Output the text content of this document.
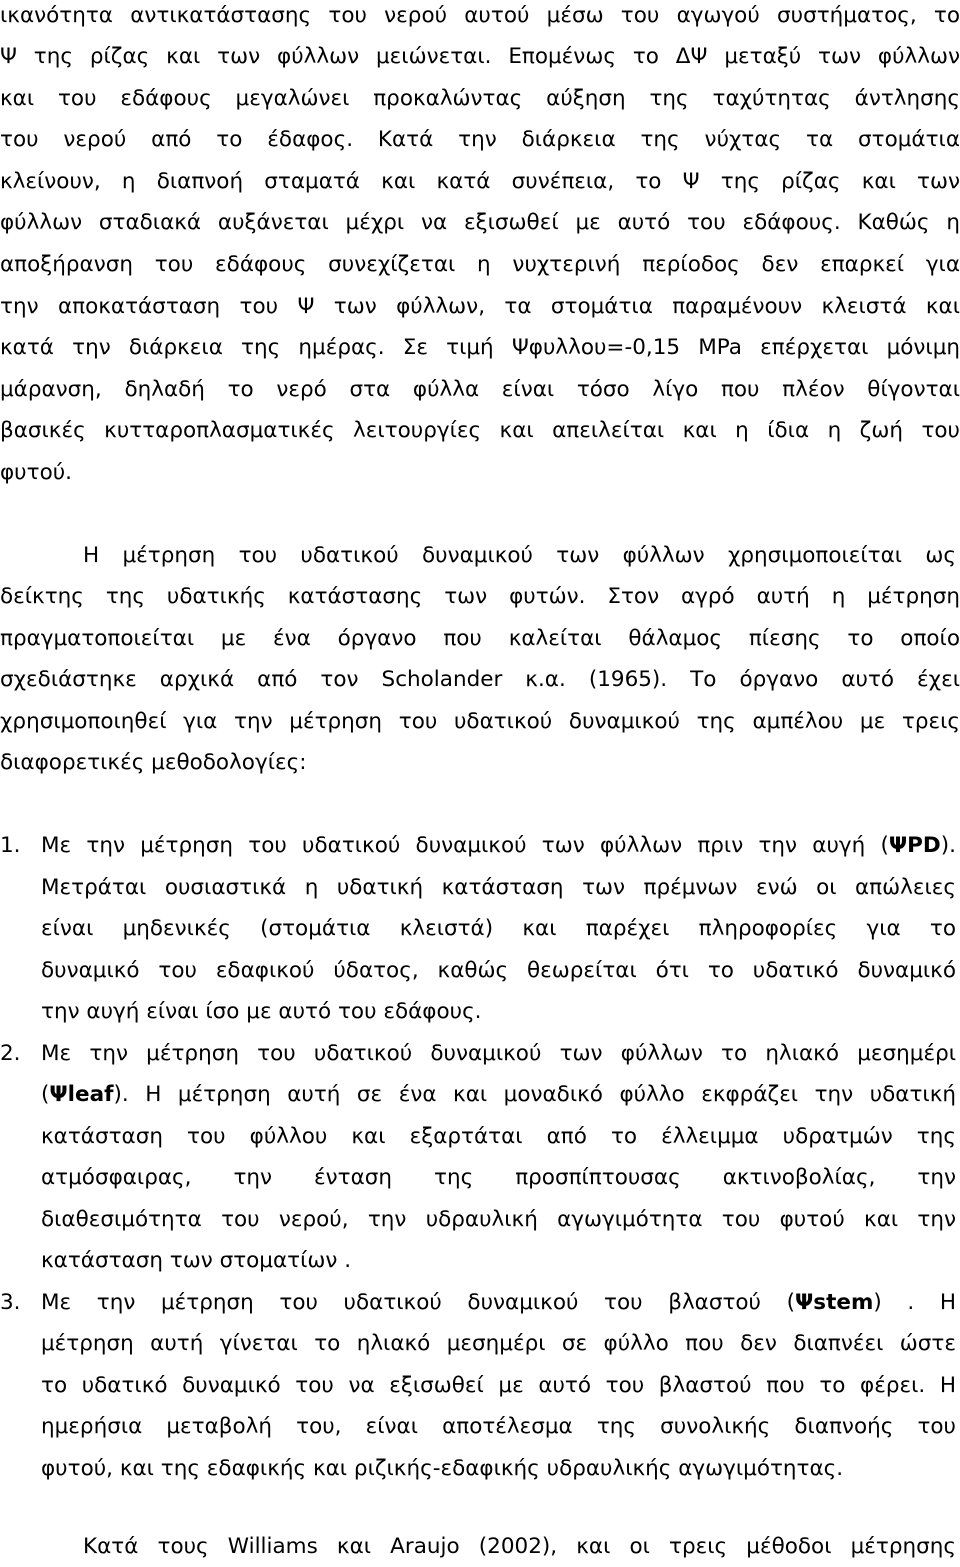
ικανότητα αντικατάστασης του νερού αυτού μέσω του αγωγού συστήματος, το
Ψ της ρίζας και των φύλλων μειώνεται. Επομένως το ΔΨ μεταξύ των φύλλων
και του εδάφους μεγαλώνει προκαλώντας αύξηση της ταχύτητας άντλησης
του νερού από το έδαφος. Κατά την διάρκεια της νύχτας τα στομάτια
κλείνουν, η διαπνοή σταματά και κατά συνέπεια, το Ψ της ρίζας και των
φύλλων σταδιακά αυξάνεται μέχρι να εξισωθεί με αυτό του εδάφους. Καθώς η
αποξήρανση του εδάφους συνεχίζεται η νυχτερινή περίοδος δεν επαρκεί για
την αποκατάσταση του Ψ των φύλλων, τα στομάτια παραμένουν κλειστά και
κατά την διάρκεια της ημέρας. Σε τιμή Ψφυλλου=-0,15 MPa επέρχεται μόνιμη
μάρανση, δηλαδή το νερό στα φύλλα είναι τόσο λίγο που πλέον θίγονται
βασικές κυτταροπλασματικές λειτουργίες και απειλείται και η ίδια η ζωή του
φυτού.
Η μέτρηση του υδατικού δυναμικού των φύλλων χρησιμοποιείται ως
δείκτης της υδατικής κατάστασης των φυτών. Στον αγρό αυτή η μέτρηση
πραγματοποιείται με ένα όργανο που καλείται θάλαμος πίεσης το οποίο
σχεδιάστηκε αρχικά από τον Scholander κ.α. (1965). Το όργανο αυτό έχει
χρησιμοποιηθεί για την μέτρηση του υδατικού δυναμικού της αμπέλου με τρεις
διαφορετικές μεθοδολογίες:
1. Με την μέτρηση του υδατικού δυναμικού των φύλλων πριν την αυγή (ΨPD).
Μετράται ουσιαστικά η υδατική κατάσταση των πρέμνων ενώ οι απώλειες
είναι μηδενικές (στομάτια κλειστά) και παρέχει πληροφορίες για το
δυναμικό του εδαφικού ύδατος, καθώς θεωρείται ότι το υδατικό δυναμικό
την αυγή είναι ίσο με αυτό του εδάφους.
2. Με την μέτρηση του υδατικού δυναμικού των φύλλων το ηλιακό μεσημέρι
(Ψleaf). Η μέτρηση αυτή σε ένα και μοναδικό φύλλο εκφράζει την υδατική
κατάσταση του φύλλου και εξαρτάται από το έλλειμμα υδρατμών της
ατμόσφαιρας, την ένταση της προσπίπτουσας ακτινοβολίας, την
διαθεσιμότητα του νερού, την υδραυλική αγωγιμότητα του φυτού και την
κατάσταση των στοματίων .
3. Με την μέτρηση του υδατικού δυναμικού του βλαστού (Ψstem) . Η
μέτρηση αυτή γίνεται το ηλιακό μεσημέρι σε φύλλο που δεν διαπνέει ώστε
το υδατικό δυναμικό του να εξισωθεί με αυτό του βλαστού που το φέρει. Η
ημερήσια μεταβολή του, είναι αποτέλεσμα της συνολικής διαπνοής του
φυτού, και της εδαφικής και ριζικής-εδαφικής υδραυλικής αγωγιμότητας.
Κατά τους Williams και Araujo (2002), και οι τρεις μέθοδοι μέτρησης
